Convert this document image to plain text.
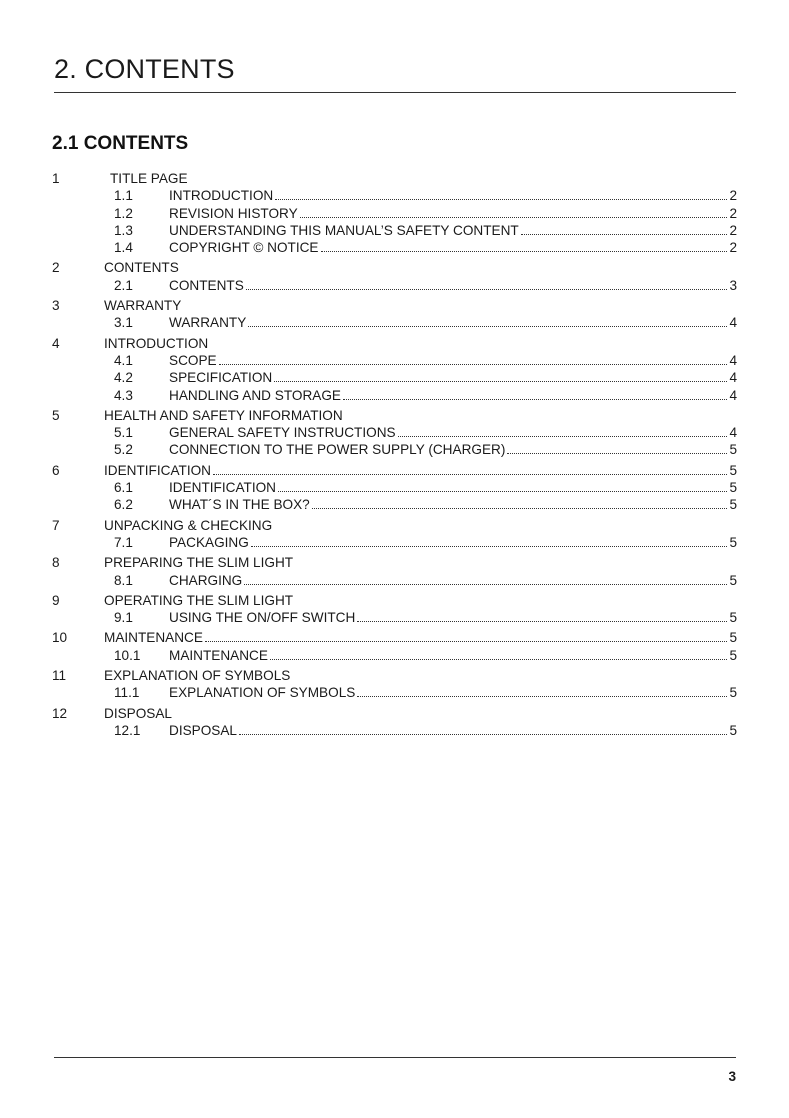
2. CONTENTS
2.1 CONTENTS
1	TITLE PAGE
1.1	INTRODUCTION	2
1.2	REVISION HISTORY	2
1.3	UNDERSTANDING THIS MANUAL’S SAFETY CONTENT	2
1.4	COPYRIGHT © NOTICE	2
2	CONTENTS
2.1	CONTENTS	3
3	WARRANTY
3.1	WARRANTY	4
4	INTRODUCTION
4.1	SCOPE	4
4.2	SPECIFICATION	4
4.3	HANDLING AND STORAGE	4
5	HEALTH AND SAFETY INFORMATION
5.1	GENERAL SAFETY INSTRUCTIONS	4
5.2	CONNECTION TO THE POWER SUPPLY (CHARGER)	5
6	IDENTIFICATION	5
6.1	IDENTIFICATION	5
6.2	WHAT´S IN THE BOX?	5
7	UNPACKING & CHECKING
7.1	PACKAGING	5
8	PREPARING THE SLIM LIGHT
8.1	CHARGING	5
9	OPERATING THE SLIM LIGHT
9.1	USING THE ON/OFF SWITCH	5
10	MAINTENANCE	5
10.1 MAINTENANCE	5
11	EXPLANATION OF SYMBOLS
11.1 EXPLANATION OF SYMBOLS	5
12	DISPOSAL
12.1 DISPOSAL	5
3
